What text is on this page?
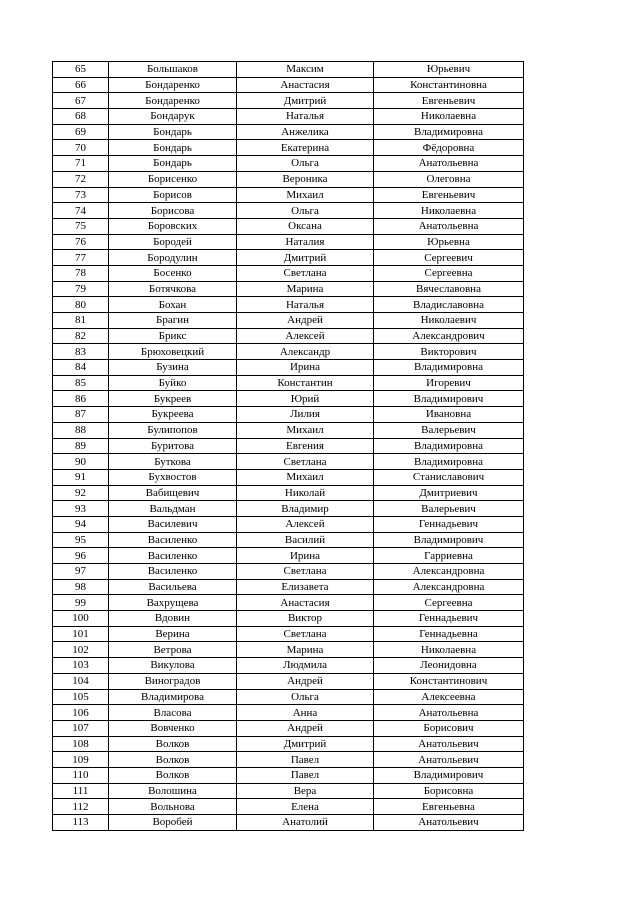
65	Большаков	Максим	Юрьевич
66	Бондаренко	Анастасия	Константиновна
67	Бондаренко	Дмитрий	Евгеньевич
68	Бондарук	Наталья	Николаевна
69	Бондарь	Анжелика	Владимировна
70	Бондарь	Екатерина	Фёдоровна
71	Бондарь	Ольга	Анатольевна
72	Борисенко	Вероника	Олеговна
73	Борисов	Михаил	Евгеньевич
74	Борисова	Ольга	Николаевна
75	Боровских	Оксана	Анатольевна
76	Бородей	Наталия	Юрьевна
77	Бородулин	Дмитрий	Сергеевич
78	Босенко	Светлана	Сергеевна
79	Ботячкова	Марина	Вячеславовна
80	Бохан	Наталья	Владиславовна
81	Брагин	Андрей	Николаевич
82	Брикс	Алексей	Александрович
83	Брюховецкий	Александр	Викторович
84	Бузина	Ирина	Владимировна
85	Буйко	Константин	Игоревич
86	Букреев	Юрий	Владимирович
87	Букреева	Лилия	Ивановна
88	Булипопов	Михаил	Валерьевич
89	Буритова	Евгения	Владимировна
90	Буткова	Светлана	Владимировна
91	Бухвостов	Михаил	Станиславович
92	Вабищевич	Николай	Дмитриевич
93	Вальдман	Владимир	Валерьевич
94	Василевич	Алексей	Геннадьевич
95	Василенко	Василий	Владимирович
96	Василенко	Ирина	Гарриевна
97	Василенко	Светлана	Александровна
98	Васильева	Елизавета	Александровна
99	Вахрущева	Анастасия	Сергеевна
100	Вдовин	Виктор	Геннадьевич
101	Верина	Светлана	Геннадьевна
102	Ветрова	Марина	Николаевна
103	Викулова	Людмила	Леонидовна
104	Виноградов	Андрей	Константинович
105	Владимирова	Ольга	Алексеевна
106	Власова	Анна	Анатольевна
107	Вовченко	Андрей	Борисович
108	Волков	Дмитрий	Анатольевич
109	Волков	Павел	Анатольевич
110	Волков	Павел	Владимирович
111	Волошина	Вера	Борисовна
112	Вольнова	Елена	Евгеньевна
113	Воробей	Анатолий	Анатольевич
